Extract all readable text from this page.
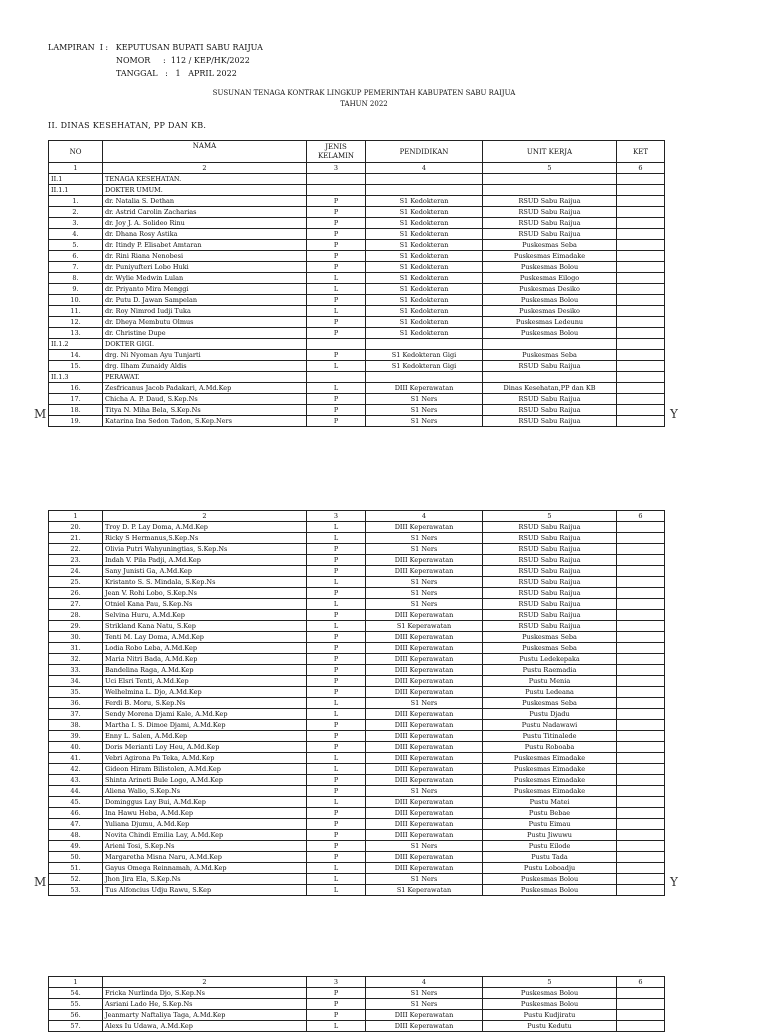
LAMPIRAN  I :   KEPUTUSAN BUPATI SABU RAIJUA
NOMOR     :  112 / KEP/HK/2022
TANGGAL   :   1   APRIL 2022
SUSUNAN TENAGA KONTRAK LINGKUP PEMERINTAH KABUPATEN SABU RAIJUA
TAHUN 2022
II. DINAS KESEHATAN, PP DAN KB.
NO	NAMA	JENIS KELAMIN	PENDIDIKAN	UNIT KERJA	KET
1	2	3	4	5	6
II.1	TENAGA KESEHATAN.				
II.1.1	DOKTER UMUM.				
1.	dr. Natalia S. Dethan	P	S1 Kedokteran	RSUD Sabu Raijua	
2.	dr. Astrid Carolin Zacharias	P	S1 Kedokteran	RSUD Sabu Raijua	
3.	dr. Joy J. A. Solideo Rinu	P	S1 Kedokteran	RSUD Sabu Raijua	
4.	dr. Dhana Rosy Astika	P	S1 Kedokteran	RSUD Sabu Raijua	
5.	dr. Itindy P. Elisabet Amtaran	P	S1 Kedokteran	Puskesmas Seba	
6.	dr. Rini Riana Nenobesi	P	S1 Kedokteran	Puskesmas Eimadake	
7.	dr. Puniyufteri Lobo Huki	P	S1 Kedokteran	Puskesmas Bolou	
8.	dr. Wylie Medwin Lulan	L	S1 Kedokteran	Puskesmas Eilogo	
9.	dr. Priyanto Mira Menggi	L	S1 Kedokteran	Puskesmas Desiko	
10.	dr. Putu D. Jawan Sampelan	P	S1 Kedokteran	Puskesmas Bolou	
11.	dr. Roy Nimrod Iudji Tuka	L	S1 Kedokteran	Puskesmas Desiko	
12.	dr. Dheya Membutu Olmus	P	S1 Kedokteran	Puskesmas Ledeunu	
13.	dr. Christine Dupe	P	S1 Kedokteran	Puskesmas Bolou	
II.1.2	DOKTER GIGI.				
14.	drg. Ni Nyoman Ayu Tunjarti	P	S1 Kedokteran Gigi	Puskesmas Seba	
15.	drg. Ilham Zunaidy Aldis	L	S1 Kedokteran Gigi	RSUD Sabu Raijua	
II.1.3	PERAWAT.				
16.	Zesfricanus Jacob Padakari, A.Md.Kep	L	DIII Keperawatan	Dinas Kesehatan,PP dan KB	
17.	Chicha A. P. Daud, S.Kep.Ns	P	S1 Ners	RSUD Sabu Raijua	
18.	Titya N. Miha Bela, S.Kep.Ns	P	S1 Ners	RSUD Sabu Raijua	
19.	Katarina Ina Sedon Tadon, S.Kep.Ners	P	S1 Ners	RSUD Sabu Raijua	
M	Y
1	2	3	4	5	6
20.	Troy D. P. Lay Doma, A.Md.Kep	L	DIII Keperawatan	RSUD Sabu Raijua	
21.	Ricky S Hermanus,S.Kep.Ns	L	S1 Ners	RSUD Sabu Raijua	
22.	Olivia Putri Wahyuningtias, S.Kep.Ns	P	S1 Ners	RSUD Sabu Raijua	
23.	Indah V. Pila Padji, A.Md.Kep	P	DIII Keperawatan	RSUD Sabu Raijua	
24.	Sany Junisti Ga, A.Md.Kep	P	DIII Keperawatan	RSUD Sabu Raijua	
25.	Kristanto S. S. Mindala, S.Kep.Ns	L	S1 Ners	RSUD Sabu Raijua	
26.	Jean V. Rohi Lobo, S.Kep.Ns	P	S1 Ners	RSUD Sabu Raijua	
27.	Otniel Kana Pau, S.Kep.Ns	L	S1 Ners	RSUD Sabu Raijua	
28.	Selvina Huru, A.Md.Kep	P	DIII Keperawatan	RSUD Sabu Raijua	
29.	Strikland Kana Natu, S.Kep	L	S1 Keperawatan	RSUD Sabu Raijua	
30.	Tenti M. Lay Doma, A.Md.Kep	P	DIII Keperawatan	Puskesmas Seba	
31.	Lodia Robo Leba, A.Md.Kep	P	DIII Keperawatan	Puskesmas Seba	
32.	Maria Nitri Bada, A.Md.Kep	P	DIII Keperawatan	Pustu Ledekepaka	
33.	Bandelina Raga, A.Md.Kep	P	DIII Keperawatan	Pustu Raemadia	
34.	Uci Elsri Tenti, A.Md.Kep	P	DIII Keperawatan	Pustu Menia	
35.	Welhelmina L. Djo, A.Md.Kep	P	DIII Keperawatan	Pustu Ledeana	
36.	Ferdi B. Moru, S.Kep.Ns	L	S1 Ners	Puskesmas Seba	
37.	Sendy Morena Djami Kale, A.Md.Kep	L	DIII Keperawatan	Pustu Djadu	
38.	Martha I. S. Dimoe Djami, A.Md.Kep	P	DIII Keperawatan	Pustu Nadawawi	
39.	Enny L. Salen, A.Md.Kep	P	DIII Keperawatan	Pustu Titinalede	
40.	Doris Merianti Loy Heu, A.Md.Kep	P	DIII Keperawatan	Pustu Roboaba	
41.	Vebri Agirona Pa Teka, A.Md.Kep	L	DIII Keperawatan	Puskesmas Eimadake	
42.	Gideon Hiram Bilistolen, A.Md.Kep	L	DIII Keperawatan	Puskesmas Eimadake	
43.	Shinta Arineti Bule Logo, A.Md.Kep	P	DIII Keperawatan	Puskesmas Eimadake	
44.	Aliena Walio, S.Kep.Ns	P	S1 Ners	Puskesmas Eimadake	
45.	Dominggus Lay Bui, A.Md.Kep	L	DIII Keperawatan	Pustu Matei	
46.	Ina Hawu Heba, A.Md.Kep	P	DIII Keperawatan	Pustu Bebae	
47.	Yuliana Djumu, A.Md.Kep	P	DIII Keperawatan	Pustu Eimau	
48.	Novita Chindi Emilia Lay, A.Md.Kep	P	DIII Keperawatan	Pustu Jiwuwu	
49.	Arieni Tosi, S.Kep.Ns	P	S1 Ners	Pustu Eilode	
50.	Margaretha Misna Naru, A.Md.Kep	P	DIII Keperawatan	Pustu Tada	
51.	Gayus Omega Reinnamah, A.Md.Kep	L	DIII Keperawatan	Pustu Loboadju	
52.	Jhon Jira Ela, S.Kep.Ns	L	S1 Ners	Puskesmas Bolou	
53.	Tus Alfoncius Udju Rawu, S.Kep	L	S1 Keperawatan	Puskesmas Bolou	
M	Y
1	2	3	4	5	6
54.	Fricka Nurlinda Djo, S.Kep.Ns	P	S1 Ners	Puskesmas Bolou	
55.	Asriani Lado He, S.Kep.Ns	P	S1 Ners	Puskesmas Bolou	
56.	Jeanmarty Naftaliya Taga, A.Md.Kep	P	DIII Keperawatan	Pustu Kudjiratu	
57.	Alexs Iu Udawa, A.Md.Kep	L	DIII Keperawatan	Pustu Kedutu	
